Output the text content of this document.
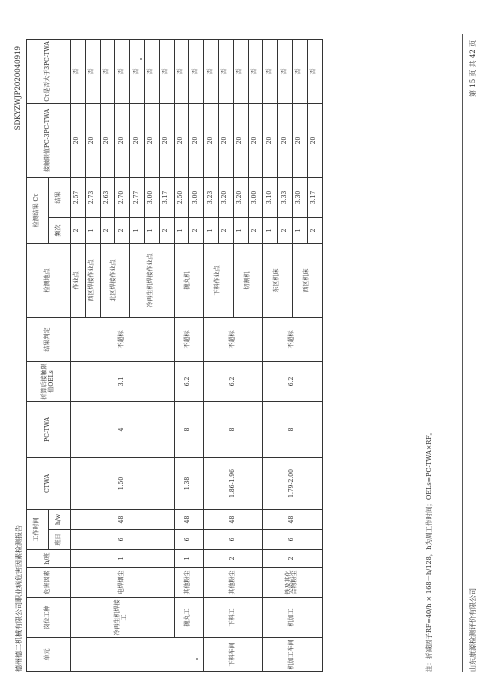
德州德二机械有限公司职业病危害因素检测报告
SDKYZWJP2020040919
单元	岗位工种	危害因素	h/班	工作时间		CTWA	PC-TWA	折算后接触限值OELs	结果判定	检测地点	检测结果 Cτ		接触限值PC-3PC-TWA	Cτ是否大于3PC-TWA
				班日	h/w						频次	结果		
	冷再生机焊接工	电焊烟尘	1	6	48	1.50	4	3.1	不超标	作业点	2	2.57	20	否
										西区焊接作业点	1	2.73	20	否
										北区焊接作业点	2	2.63	20	否
											2	2.70	20	否
										冷再生机焊接作业点	1	2.77	20	否
											1	3.00	20	否
											2	3.17	20	否
	抛丸工	其他粉尘	1	6	48	1.38	8	6.2	不超标	抛丸机	1	2.50	20	否
											2	3.00	20	否
下料车间	下料工	其他粉尘	2	6	48	1.86-1.96	8	6.2	不超标	下料作业点	1	3.23	20	否
											2	3.20	20	否
										切割机	1	3.20	20	否
											2	3.00	20	否
机加工车间	机加工	铁及其化合物粉尘	2	6	48	1.79-2.00	8	6.2	不超标	东区机床	1	3.10	20	否
											2	3.33	20	否
										西区机床	1	3.30	20	否
											2	3.17	20	否
注：折减因子RF=40/h × 168－h/128，h为周工作时间；OELs=PC-TWA×RF。	山东康源检测评价有限公司
第 15 页 共 42 页
